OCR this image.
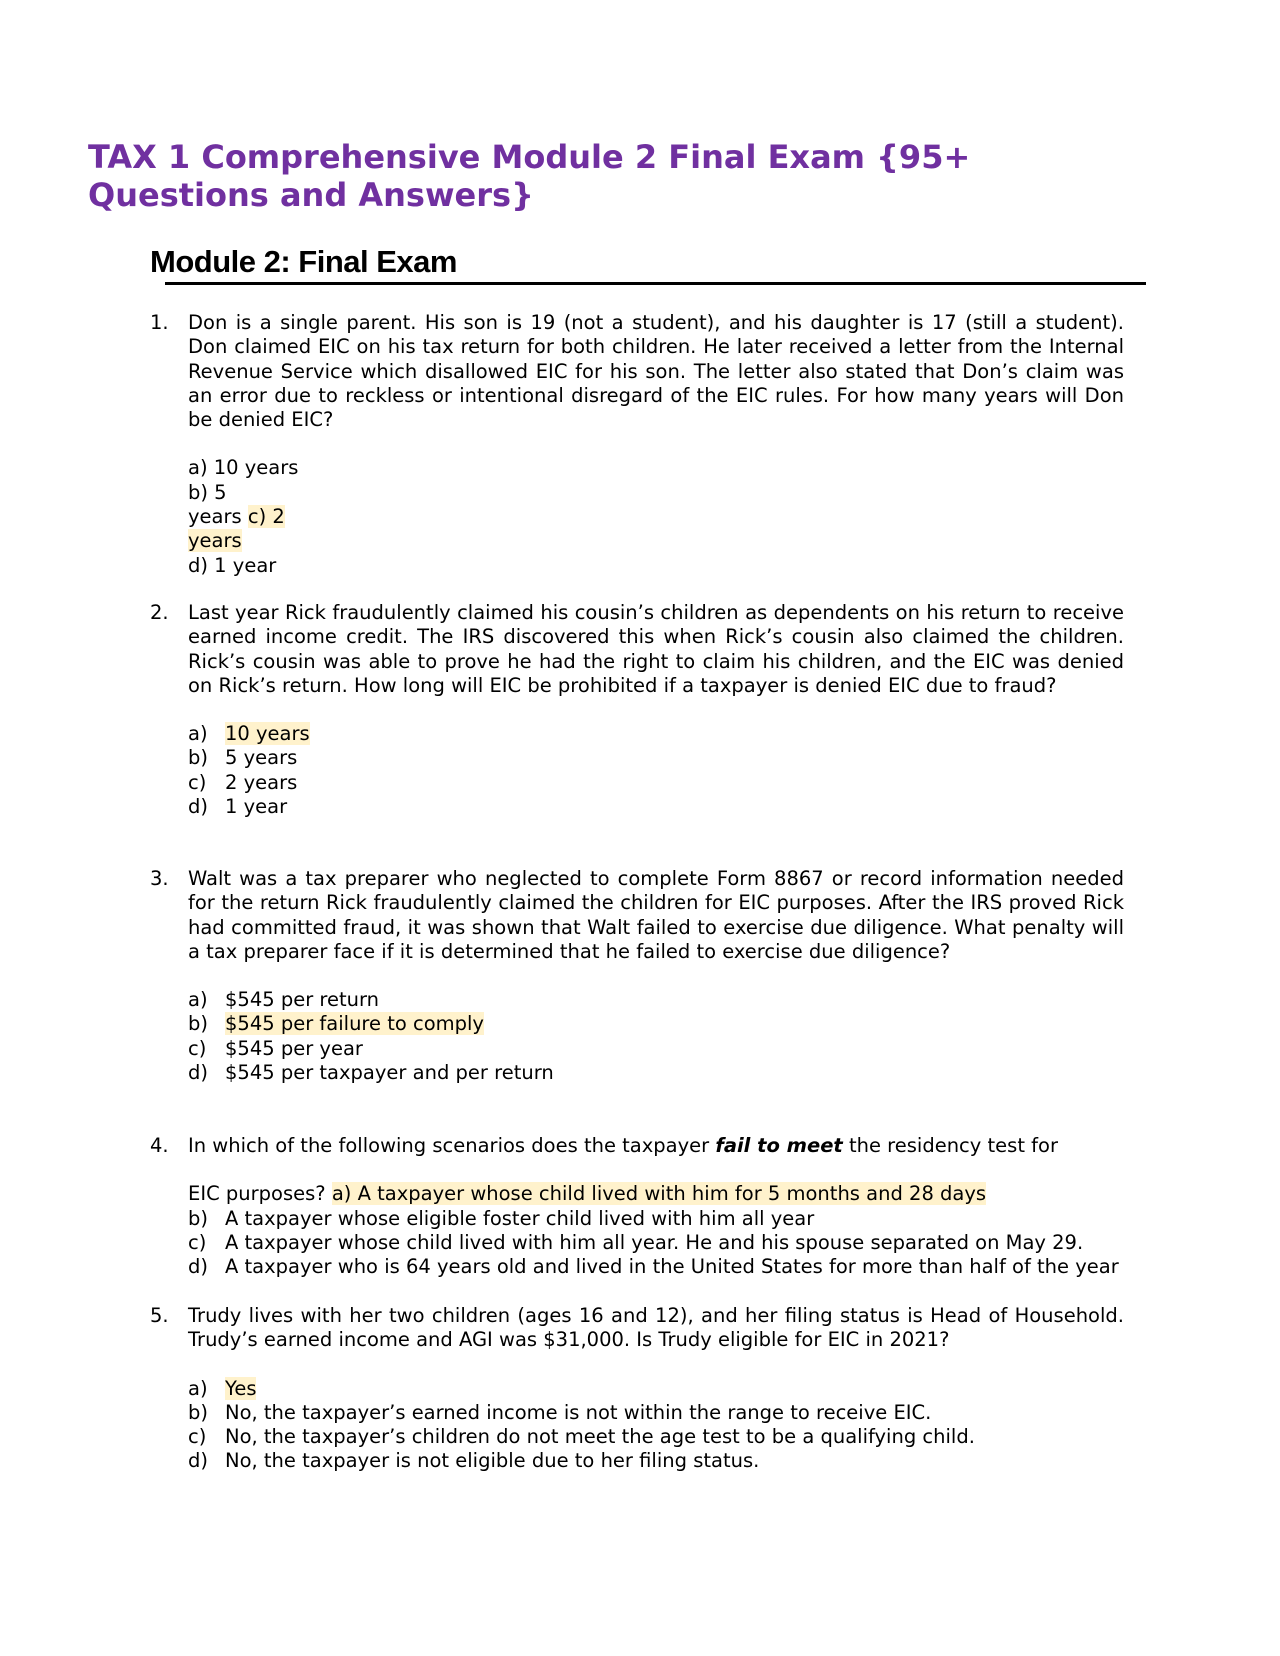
TAX 1 Comprehensive Module 2 Final Exam {95+ Questions and Answers}
Module 2: Final Exam
1. Don is a single parent. His son is 19 (not a student), and his daughter is 17 (still a student). Don claimed EIC on his tax return for both children. He later received a letter from the Internal Revenue Service which disallowed EIC for his son. The letter also stated that Don’s claim was an error due to reckless or intentional disregard of the EIC rules. For how many years will Don be denied EIC?
a) 10 years
b) 5
years c) 2
years
d) 1 year
2. Last year Rick fraudulently claimed his cousin’s children as dependents on his return to receive earned income credit. The IRS discovered this when Rick’s cousin also claimed the children. Rick’s cousin was able to prove he had the right to claim his children, and the EIC was denied on Rick’s return. How long will EIC be prohibited if a taxpayer is denied EIC due to fraud?
a) 10 years
b) 5 years
c) 2 years
d) 1 year
3. Walt was a tax preparer who neglected to complete Form 8867 or record information needed for the return Rick fraudulently claimed the children for EIC purposes. After the IRS proved Rick had committed fraud, it was shown that Walt failed to exercise due diligence. What penalty will a tax preparer face if it is determined that he failed to exercise due diligence?
a) $545 per return
b) $545 per failure to comply
c) $545 per year
d) $545 per taxpayer and per return
4. In which of the following scenarios does the taxpayer fail to meet the residency test for
EIC purposes? a) A taxpayer whose child lived with him for 5 months and 28 days
b) A taxpayer whose eligible foster child lived with him all year
c) A taxpayer whose child lived with him all year. He and his spouse separated on May 29.
d) A taxpayer who is 64 years old and lived in the United States for more than half of the year
5. Trudy lives with her two children (ages 16 and 12), and her filing status is Head of Household. Trudy’s earned income and AGI was $31,000. Is Trudy eligible for EIC in 2021?
a) Yes
b) No, the taxpayer’s earned income is not within the range to receive EIC.
c) No, the taxpayer’s children do not meet the age test to be a qualifying child.
d) No, the taxpayer is not eligible due to her filing status.
